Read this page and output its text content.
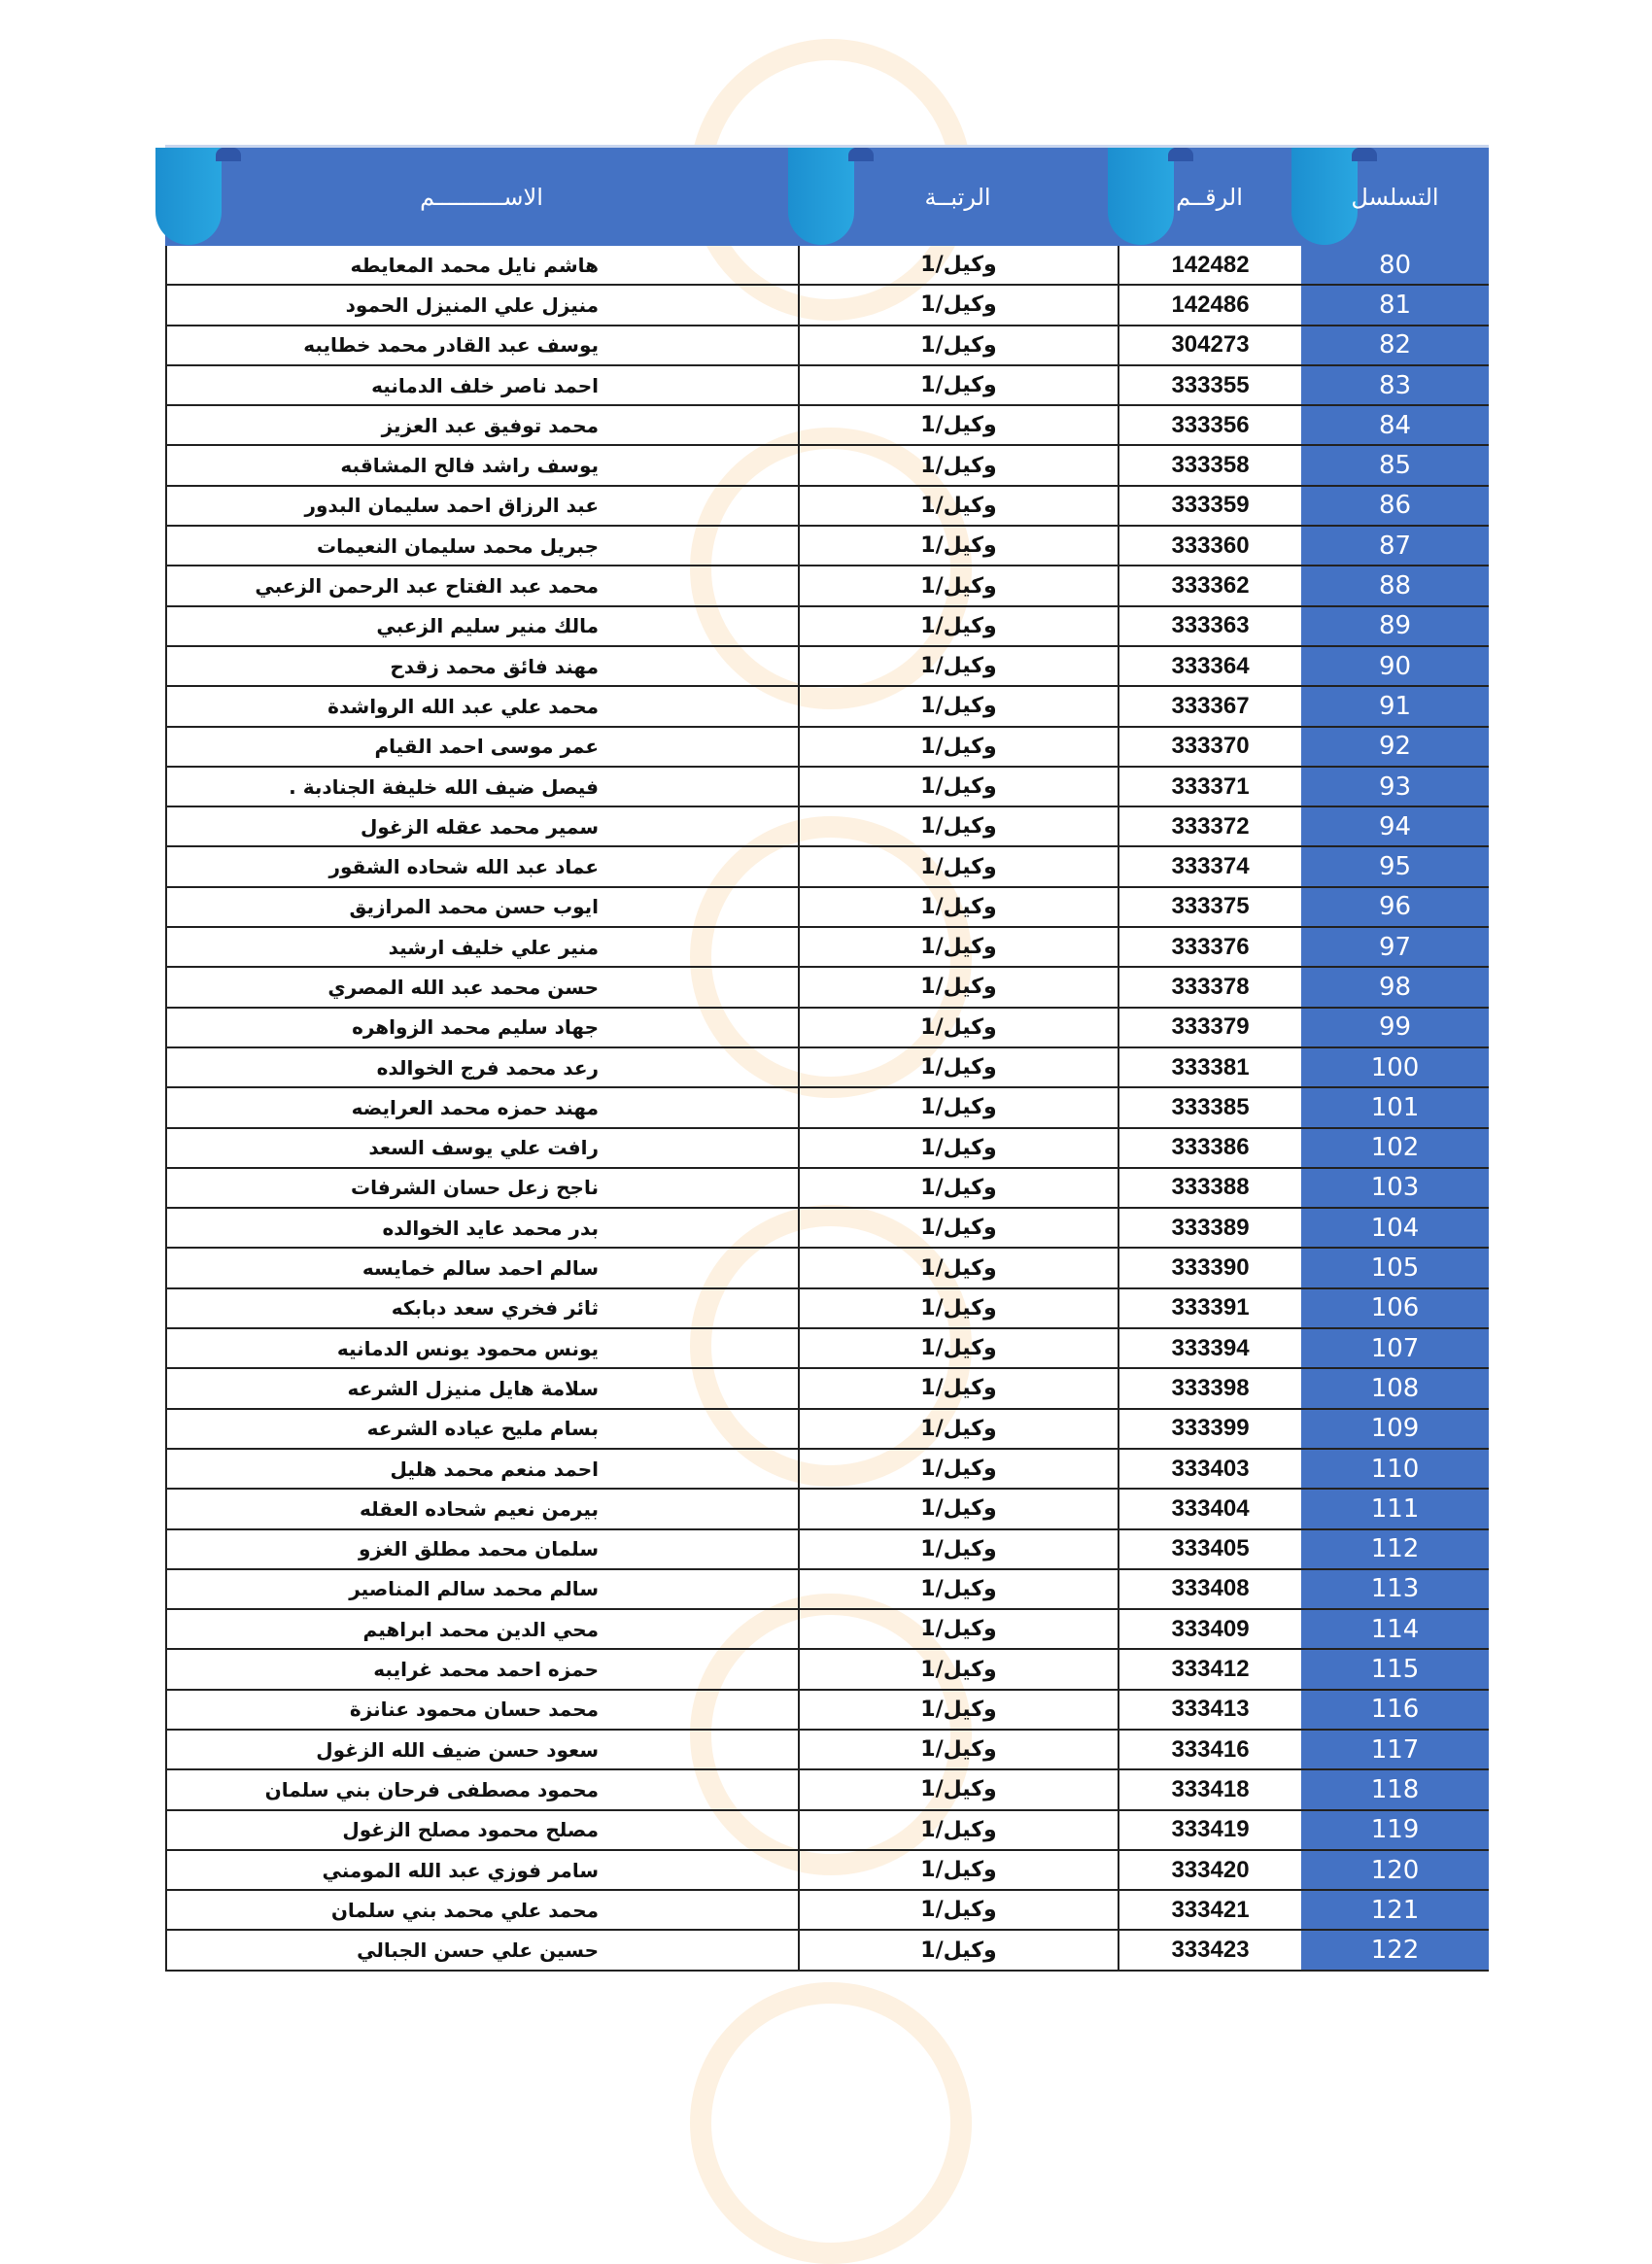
التسلسل
الرقــم
الرتبــة
الاســــــــــم
80
142482
وكيل/1
هاشم نايل محمد المعايطه
81
142486
وكيل/1
منيزل علي المنيزل الحمود
82
304273
وكيل/1
يوسف عبد القادر محمد خطايبه
83
333355
وكيل/1
احمد ناصر خلف الدمانيه
84
333356
وكيل/1
محمد توفيق عبد العزيز
85
333358
وكيل/1
يوسف راشد فالح المشاقبه
86
333359
وكيل/1
عبد الرزاق احمد سليمان البدور
87
333360
وكيل/1
جبريل محمد سليمان النعيمات
88
333362
وكيل/1
محمد عبد الفتاح عبد الرحمن الزعبي
89
333363
وكيل/1
مالك منير سليم الزعبي
90
333364
وكيل/1
مهند فائق محمد زقدح
91
333367
وكيل/1
محمد علي عبد الله الرواشدة
92
333370
وكيل/1
عمر موسى احمد القيام
93
333371
وكيل/1
فيصل ضيف الله خليفة الجنادبة .
94
333372
وكيل/1
سمير محمد عقله الزغول
95
333374
وكيل/1
عماد عبد الله شحاده الشقور
96
333375
وكيل/1
ايوب حسن محمد المرازيق
97
333376
وكيل/1
منير علي خليف ارشيد
98
333378
وكيل/1
حسن محمد عبد الله المصري
99
333379
وكيل/1
جهاد سليم محمد الزواهره
100
333381
وكيل/1
رعد محمد فرج الخوالده
101
333385
وكيل/1
مهند حمزه محمد العرايضه
102
333386
وكيل/1
رافت علي يوسف السعد
103
333388
وكيل/1
ناجح زعل حسان الشرفات
104
333389
وكيل/1
بدر محمد عايد الخوالده
105
333390
وكيل/1
سالم احمد سالم خمايسه
106
333391
وكيل/1
ثائر فخري سعد دبابكه
107
333394
وكيل/1
يونس محمود يونس الدمانيه
108
333398
وكيل/1
سلامة هايل منيزل الشرعه
109
333399
وكيل/1
بسام مليح عياده الشرعه
110
333403
وكيل/1
احمد منعم محمد هليل
111
333404
وكيل/1
بيرمن نعيم شحاده العقله
112
333405
وكيل/1
سلمان محمد مطلق الغزو
113
333408
وكيل/1
سالم محمد سالم المناصير
114
333409
وكيل/1
محي الدين محمد ابراهيم
115
333412
وكيل/1
حمزه احمد محمد غرايبه
116
333413
وكيل/1
محمد حسان محمود عنانزة
117
333416
وكيل/1
سعود حسن ضيف الله الزغول
118
333418
وكيل/1
محمود مصطفى فرحان بني سلمان
119
333419
وكيل/1
مصلح محمود مصلح الزغول
120
333420
وكيل/1
سامر فوزي عبد الله المومني
121
333421
وكيل/1
محمد علي محمد بني سلمان
122
333423
وكيل/1
حسين علي حسن الجبالي
